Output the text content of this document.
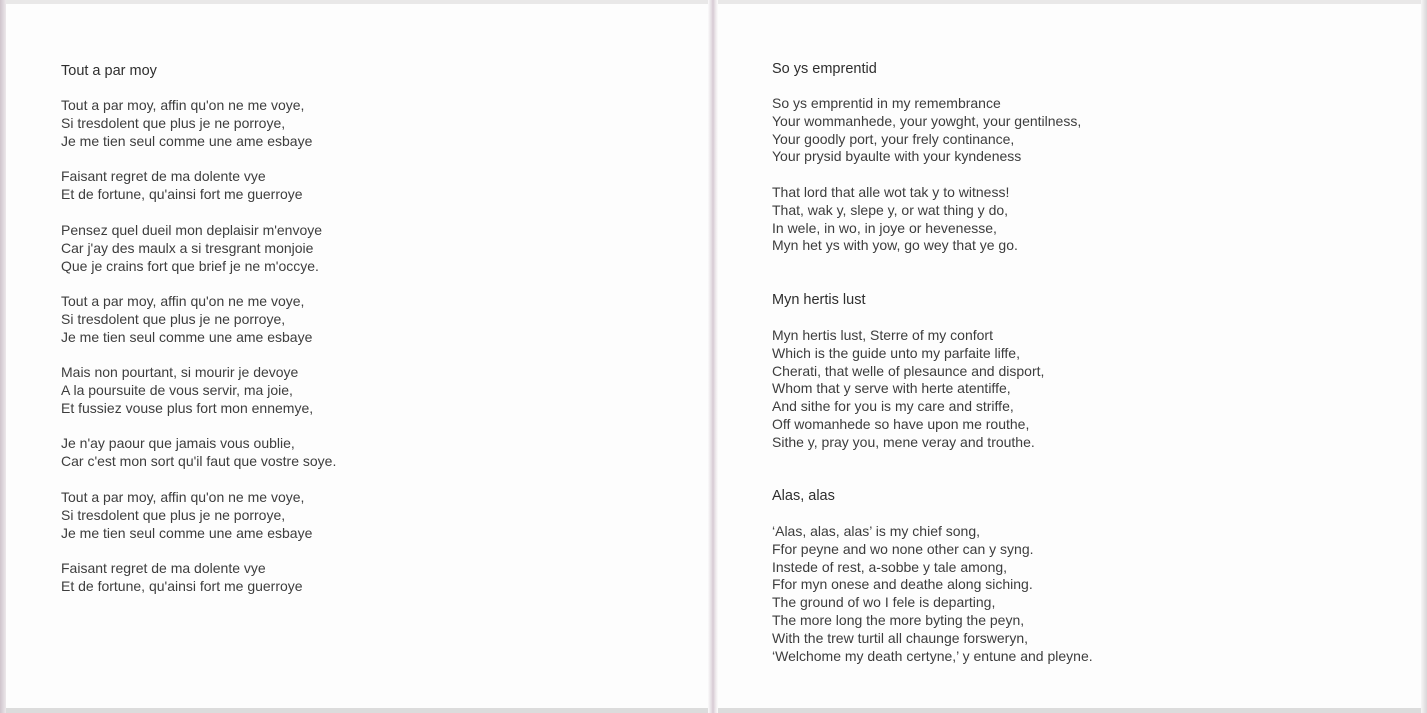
Tout a par moy
Tout a par moy, affin qu'on ne me voye,
Si tresdolent que plus je ne porroye,
Je me tien seul comme une ame esbaye
Faisant regret de ma dolente vye
Et de fortune, qu'ainsi fort me guerroye
Pensez quel dueil mon deplaisir m'envoye
Car j'ay des maulx a si tresgrant monjoie
Que je crains fort que brief je ne m'occye.
Tout a par moy, affin qu'on ne me voye,
Si tresdolent que plus je ne porroye,
Je me tien seul comme une ame esbaye
Mais non pourtant, si mourir je devoye
A la poursuite de vous servir, ma joie,
Et fussiez vouse plus fort mon ennemye,
Je n'ay paour que jamais vous oublie,
Car c'est mon sort qu'il faut que vostre soye.
Tout a par moy, affin qu'on ne me voye,
Si tresdolent que plus je ne porroye,
Je me tien seul comme une ame esbaye
Faisant regret de ma dolente vye
Et de fortune, qu'ainsi fort me guerroye
So ys emprentid
So ys emprentid in my remembrance
Your wommanhede, your yowght, your gentilness,
Your goodly port, your frely continance,
Your prysid byaulte with your kyndeness
That lord that alle wot tak y to witness!
That, wak y, slepe y, or wat thing y do,
In wele, in wo, in joye or hevenesse,
Myn het ys with yow, go wey that ye go.
Myn hertis lust
Myn hertis lust, Sterre of my confort
Which is the guide unto my parfaite liffe,
Cherati, that welle of plesaunce and disport,
Whom that y serve with herte atentiffe,
And sithe for you is my care and striffe,
Off womanhede so have upon me routhe,
Sithe y, pray you, mene veray and trouthe.
Alas, alas
‘Alas, alas, alas’ is my chief song,
Ffor peyne and wo none other can y syng.
Instede of rest, a-sobbe y tale among,
Ffor myn onese and deathe along siching.
The ground of wo I fele is departing,
The more long the more byting the peyn,
With the trew turtil all chaunge forsweryn,
‘Welchome my death certyne,’ y entune and pleyne.
